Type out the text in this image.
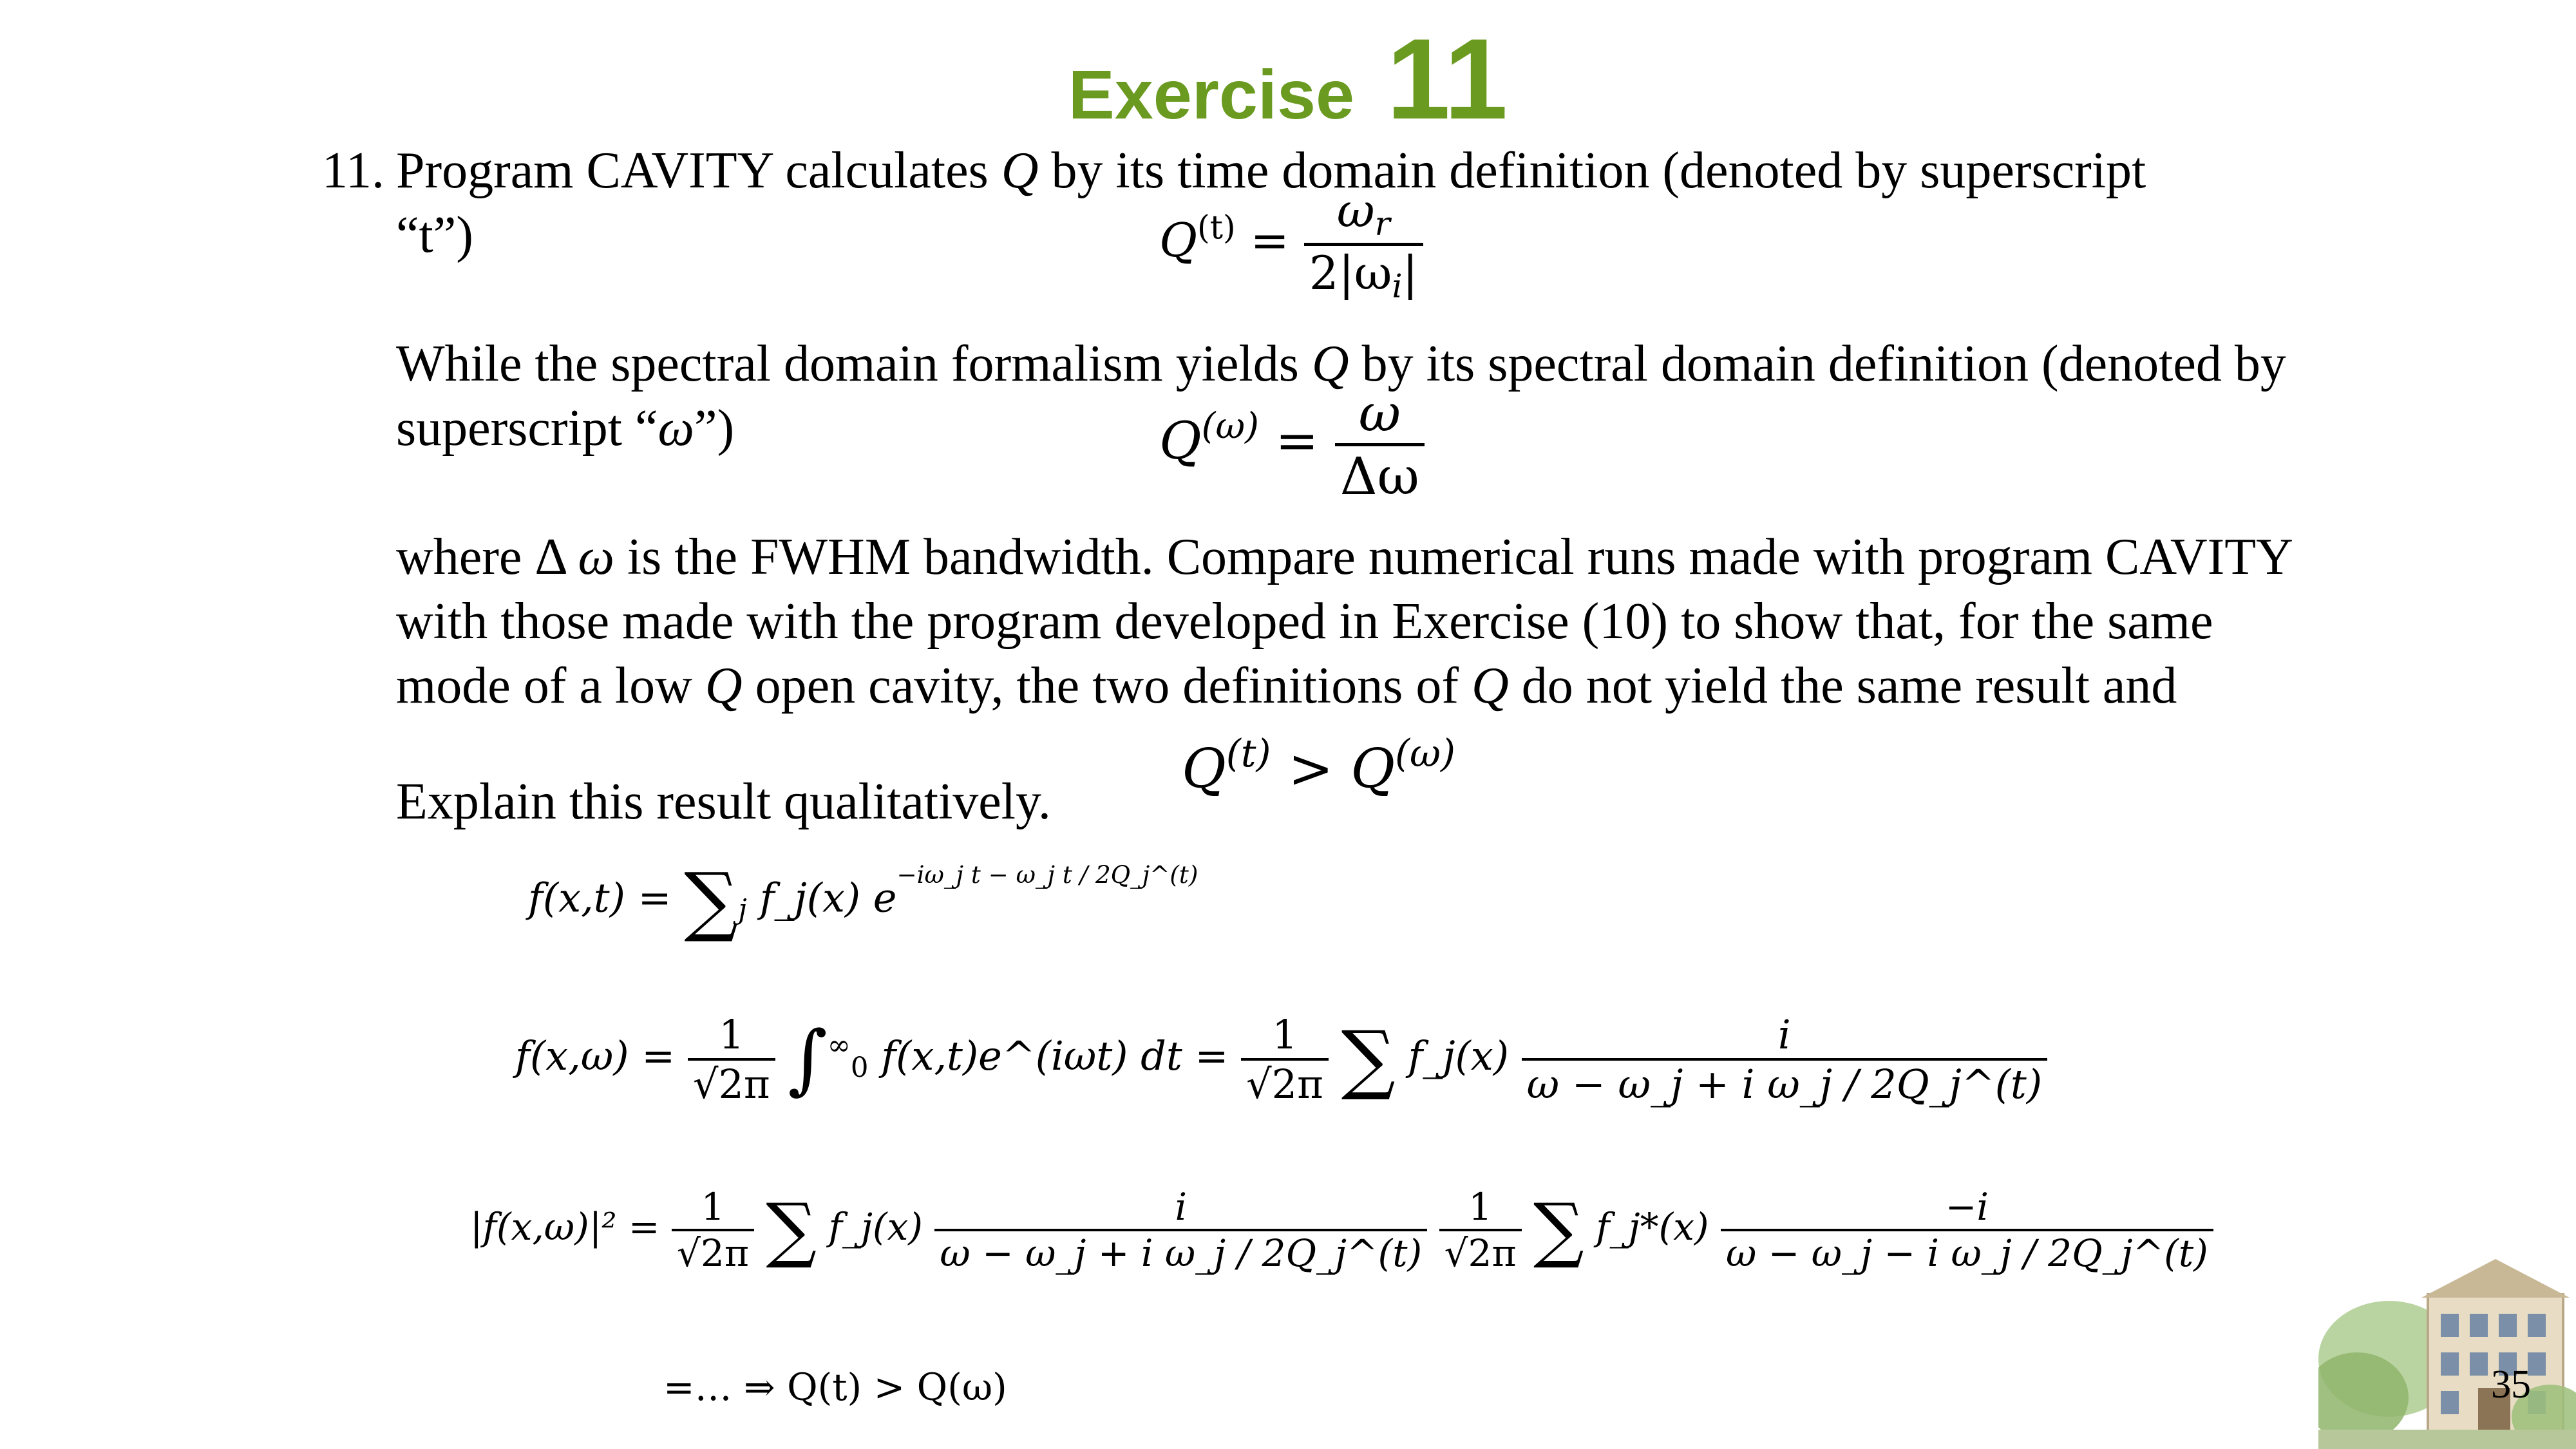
Exercise 11
11. Program CAVITY calculates Q by its time domain definition (denoted by superscript
“t”)	$Q^{(t)}$ =
$\omega_r$
$2|\omega_i|$
While the spectral domain formalism yields Q by its spectral domain definition (denoted by
superscript “ω”)	$Q^{(\omega)} = \omega$
Δω
where Δ ω is the FWHM bandwidth. Compare numerical runs made with program CAVITY
with those made with the program developed in Exercise (10) to show that, for the same
mode of a low Q open cavity, the two definitions of Q do not yield the same result and
$Q^{(t)} > Q^{(\omega)}$
Explain this result qualitatively.
$f(x,t) = \sum_j$ f_j(x) $e^{-i\omega\_j t - \omega\_j t / 2Q\_j\^{}(t)}$
$f(x,\omega) = \frac{1}{√2\pi} \int^\infty_0$ f(x,t)e^(iωt) dt = $\frac{1}{√2\pi}$ ∑ f_j(x) $\frac{i}{\text{ω − ω\_j + i ω\_j / 2Q\_j\textasciicircum{}(t)}}$
$|f(x,\omega)|^2 = \frac{1}{√2\pi}$ ∑ f_j(x) $\frac{i}{\text{ω − ω\_j + i ω\_j / 2Q\_j\textasciicircum{}(t)}}$
$\frac{1}{√2\pi}$ ∑ f_j*(x) $\frac{-i}{\text{ω − ω\_j − i ω\_j / 2Q\_j\textasciicircum{}(t)}}$
=… ⇒ Q(t) > Q(ω)	35
